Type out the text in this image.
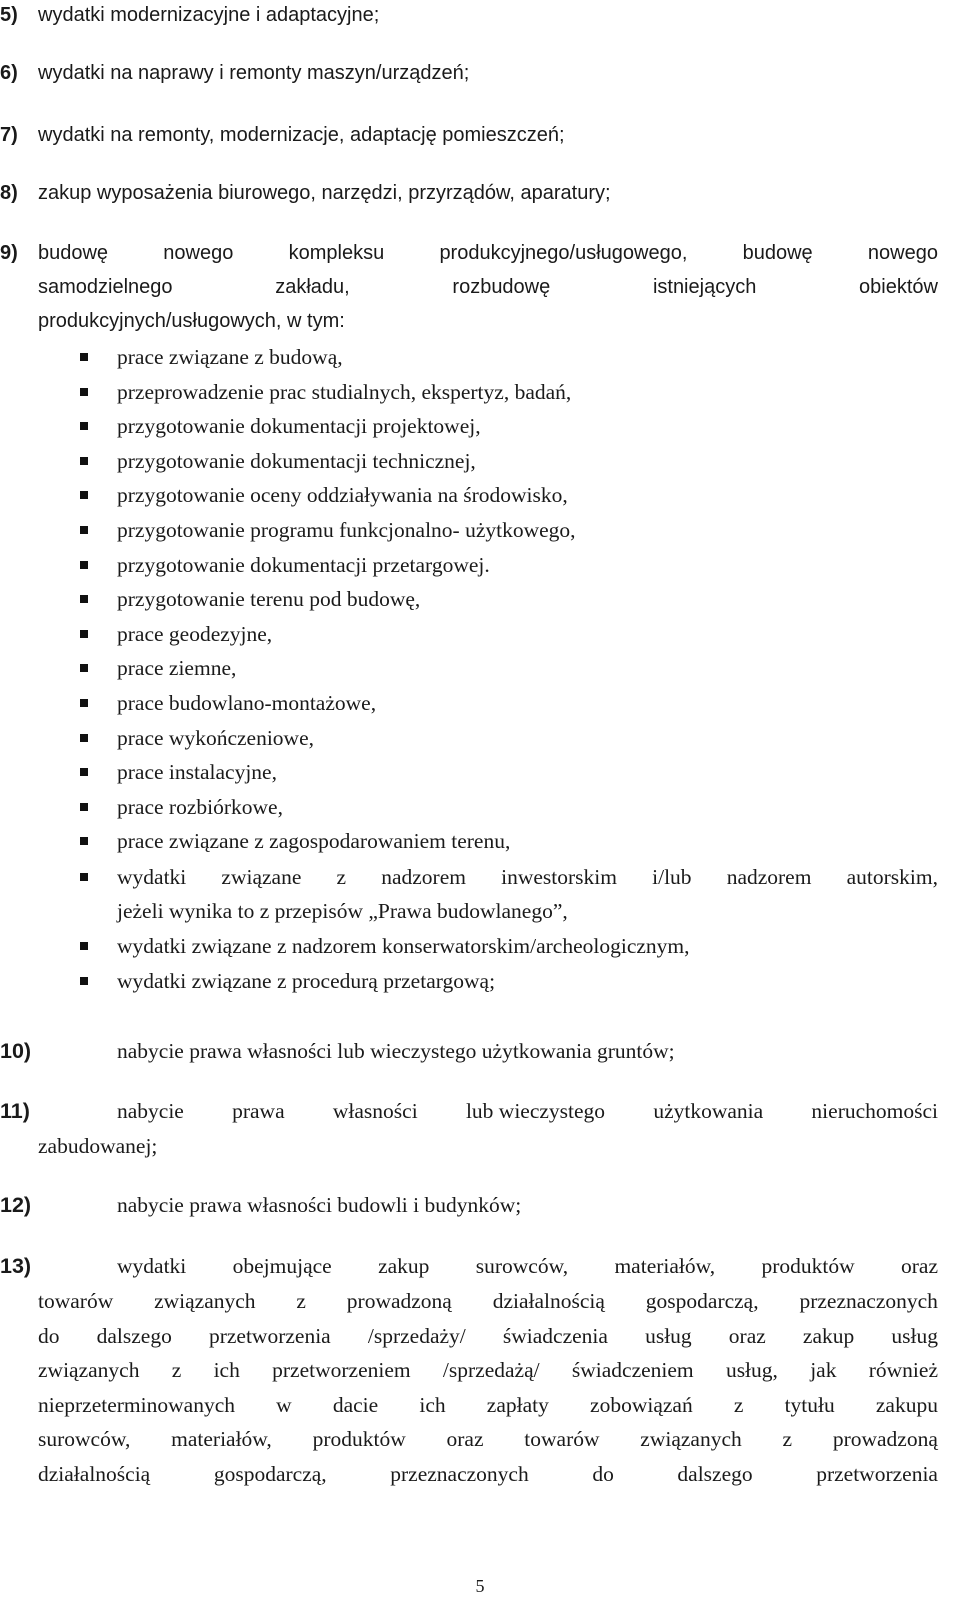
5) wydatki modernizacyjne i adaptacyjne;
6) wydatki na naprawy i remonty maszyn/urządzeń;
7) wydatki na remonty, modernizacje, adaptację pomieszczeń;
8) zakup wyposażenia biurowego, narzędzi, przyrządów, aparatury;
9) budowę	nowego	kompleksu	produkcyjnego/usługowego,	budowę	nowego
samodzielnego	zakładu,	rozbudowę	istniejących	obiektów
produkcyjnych/usługowych, w tym:
prace związane z budową,
przeprowadzenie prac studialnych, ekspertyz, badań,
przygotowanie dokumentacji projektowej,
przygotowanie dokumentacji technicznej,
przygotowanie oceny oddziaływania na środowisko,
przygotowanie programu funkcjonalno- użytkowego,
przygotowanie dokumentacji przetargowej.
przygotowanie terenu pod budowę,
prace geodezyjne,
prace ziemne,
prace budowlano-montażowe,
prace wykończeniowe,
prace instalacyjne,
prace rozbiórkowe,
prace związane z zagospodarowaniem terenu,
wydatki związane z nadzorem inwestorskim i/lub nadzorem autorskim,
jeżeli wynika to z przepisów „Prawa budowlanego”,
wydatki związane z nadzorem konserwatorskim/archeologicznym,
wydatki związane z procedurą przetargową;
10)	nabycie prawa własności lub wieczystego użytkowania gruntów;
11)	nabycie prawa własności lub wieczystego użytkowania nieruchomości
zabudowanej;
12)	nabycie prawa własności budowli i budynków;
13)	wydatki obejmujące zakup surowców, materiałów, produktów oraz
towarów związanych z prowadzoną działalnością gospodarczą, przeznaczonych
do dalszego przetworzenia /sprzedaży/ świadczenia usług oraz zakup usług
związanych z ich przetworzeniem /sprzedażą/ świadczeniem usług, jak również
nieprzeterminowanych w dacie ich zapłaty zobowiązań z tytułu zakupu
surowców, materiałów, produktów oraz towarów związanych z prowadzoną
działalnością	gospodarczą,	przeznaczonych	do	dalszego	przetworzenia
5
